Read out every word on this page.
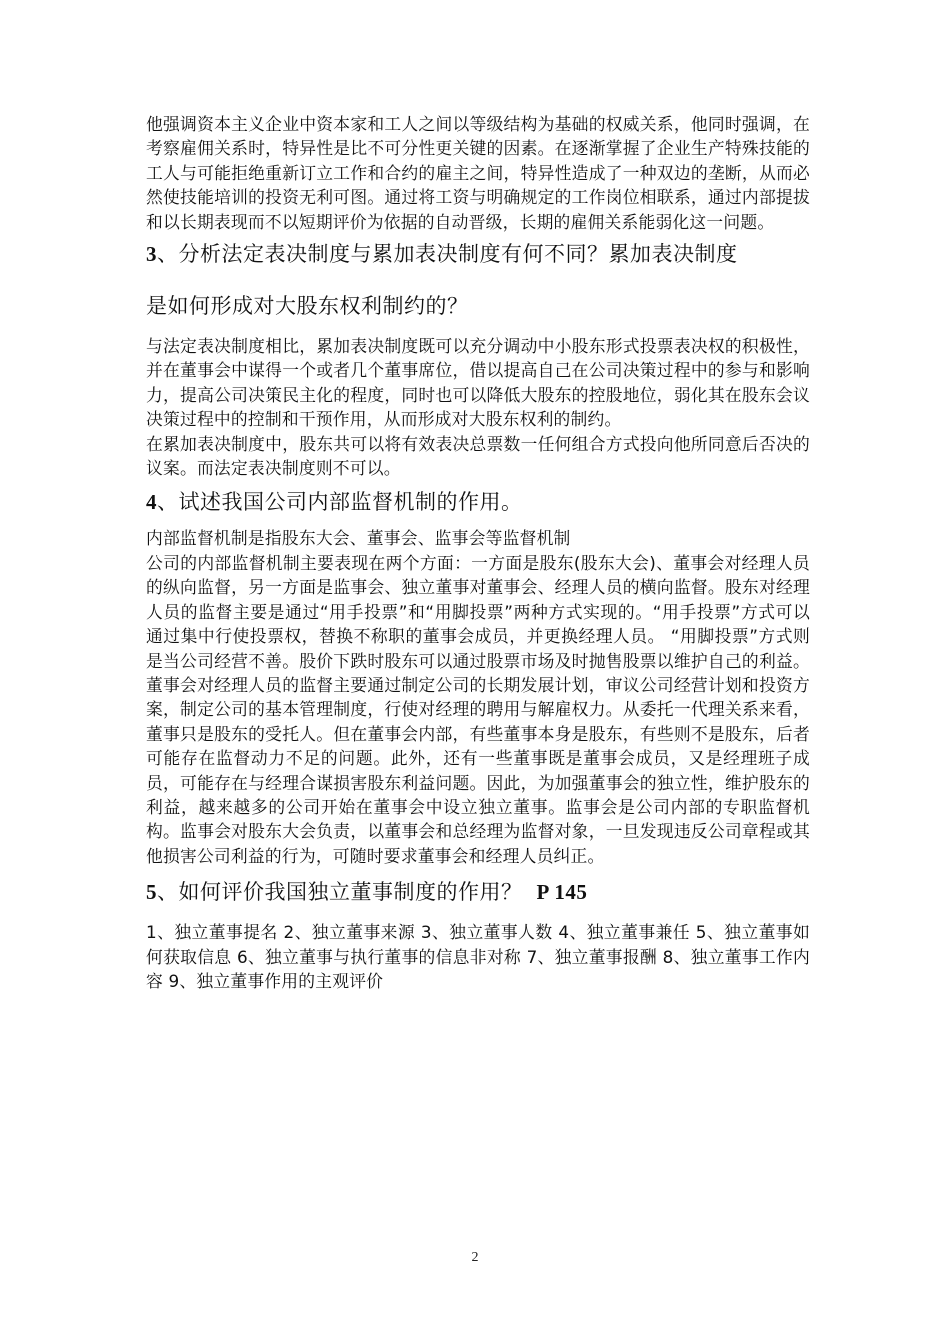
他强调资本主义企业中资本家和工人之间以等级结构为基础的权威关系，他同时强调，在考察雇佣关系时，特异性是比不可分性更关键的因素。在逐渐掌握了企业生产特殊技能的工人与可能拒绝重新订立工作和合约的雇主之间，特异性造成了一种双边的垄断，从而必然使技能培训的投资无利可图。通过将工资与明确规定的工作岗位相联系，通过内部提拔和以长期表现而不以短期评价为依据的自动晋级，长期的雇佣关系能弱化这一问题。

3、分析法定表决制度与累加表决制度有何不同？累加表决制度

是如何形成对大股东权利制约的？

与法定表决制度相比，累加表决制度既可以充分调动中小股东形式投票表决权的积极性，并在董事会中谋得一个或者几个董事席位，借以提高自己在公司决策过程中的参与和影响力，提高公司决策民主化的程度，同时也可以降低大股东的控股地位，弱化其在股东会议决策过程中的控制和干预作用，从而形成对大股东权利的制约。

在累加表决制度中，股东共可以将有效表决总票数一任何组合方式投向他所同意后否决的议案。而法定表决制度则不可以。

4、试述我国公司内部监督机制的作用。

内部监督机制是指股东大会、董事会、监事会等监督机制

公司的内部监督机制主要表现在两个方面：一方面是股东(股东大会)、董事会对经理人员的纵向监督，另一方面是监事会、独立董事对董事会、经理人员的横向监督。股东对经理人员的监督主要是通过“用手投票”和“用脚投票”两种方式实现的。“用手投票”方式可以通过集中行使投票权，替换不称职的董事会成员，并更换经理人员。 “用脚投票”方式则是当公司经营不善。股价下跌时股东可以通过股票市场及时抛售股票以维护自己的利益。董事会对经理人员的监督主要通过制定公司的长期发展计划，审议公司经营计划和投资方案，制定公司的基本管理制度，行使对经理的聘用与解雇权力。从委托一代理关系来看，董事只是股东的受托人。但在董事会内部，有些董事本身是股东，有些则不是股东，后者可能存在监督动力不足的问题。此外，还有一些董事既是董事会成员，又是经理班子成员，可能存在与经理合谋损害股东利益问题。因此，为加强董事会的独立性，维护股东的利益，越来越多的公司开始在董事会中设立独立董事。监事会是公司内部的专职监督机构。监事会对股东大会负责，以董事会和总经理为监督对象，一旦发现违反公司章程或其他损害公司利益的行为，可随时要求董事会和经理人员纠正。

5、如何评价我国独立董事制度的作用？ P 145

1、独立董事提名 2、独立董事来源 3、独立董事人数 4、独立董事兼任 5、独立董事如何获取信息 6、独立董事与执行董事的信息非对称 7、独立董事报酬 8、独立董事工作内容 9、独立董事作用的主观评价

2
